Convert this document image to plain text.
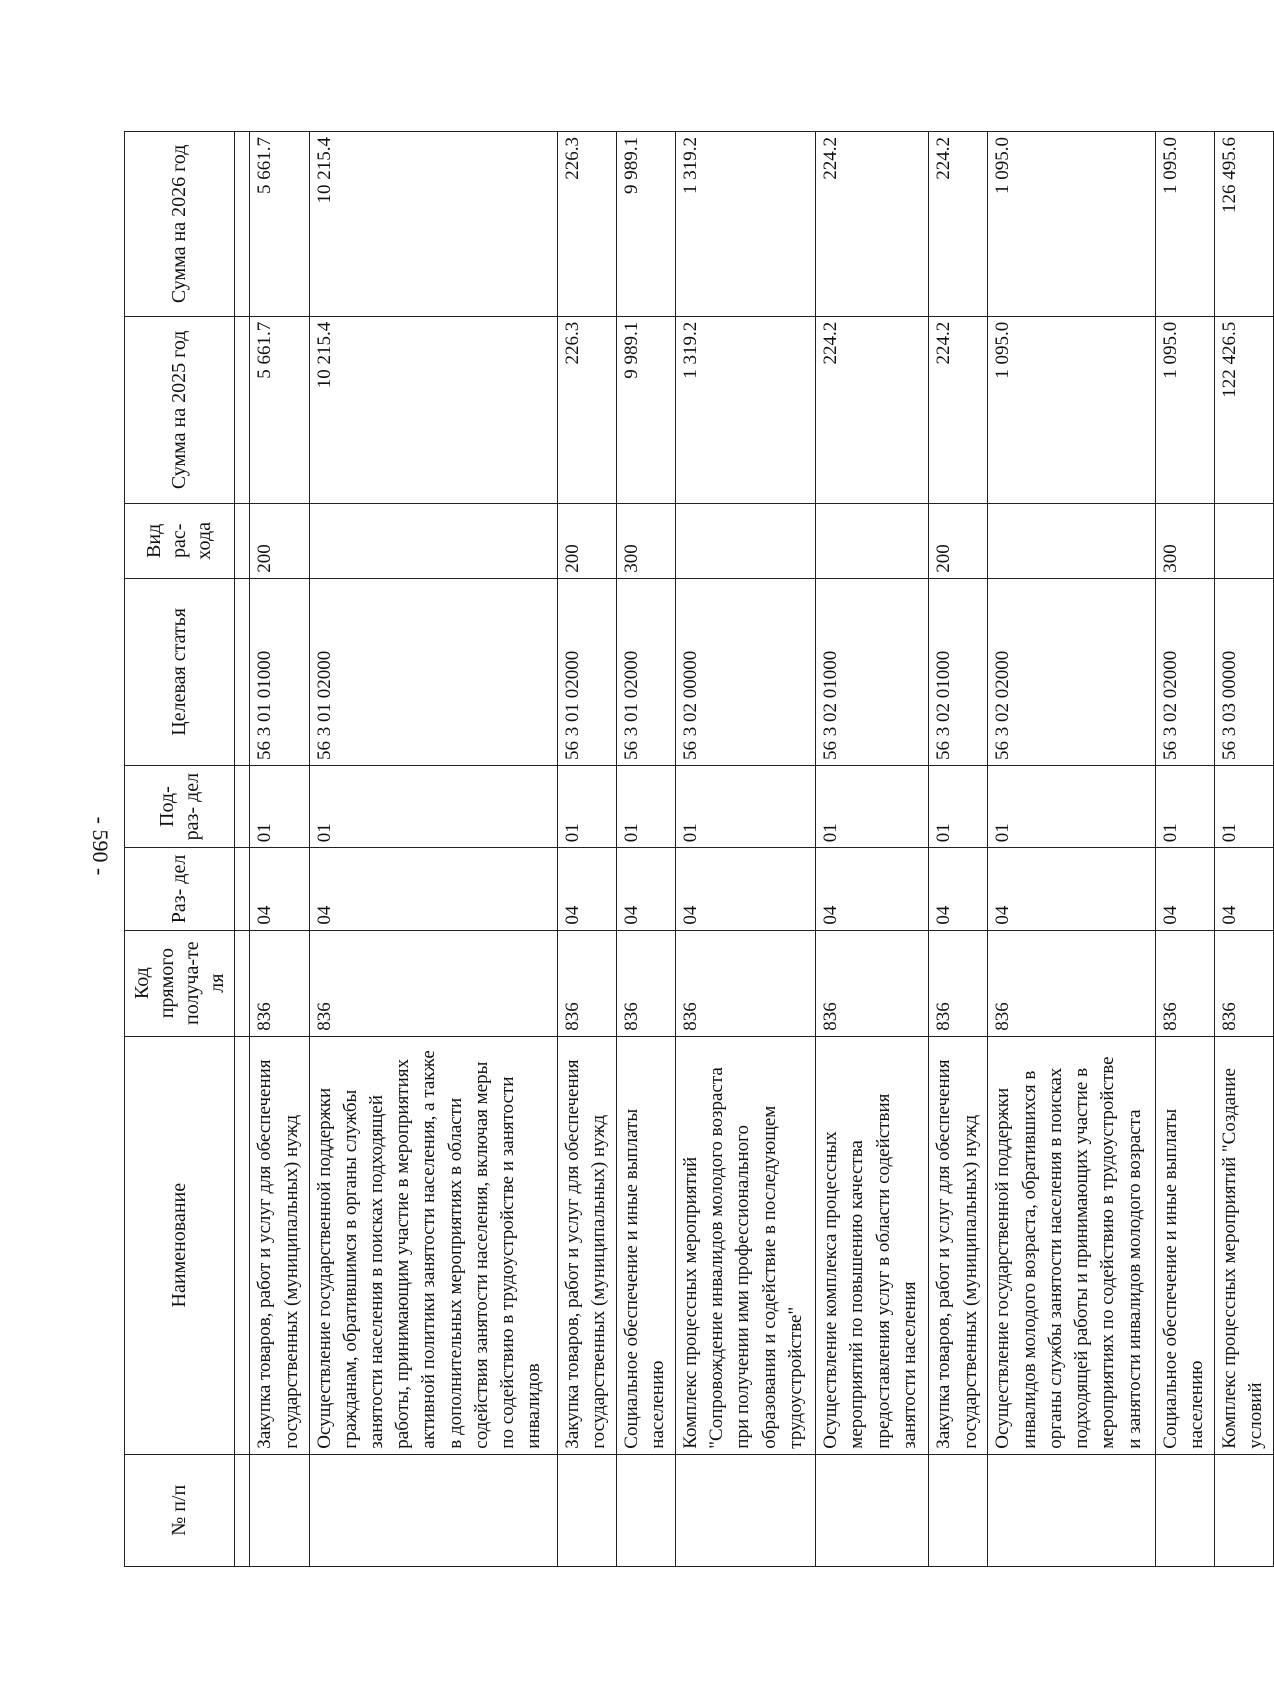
- 590 -
№ п/п	Наименование	Код прямого получа-те ля	Раз- дел	Под- раз- дел	Целевая статья	Вид рас- хода	Сумма на 2025 год	Сумма на 2026 год

	Закупка товаров, работ и услуг для обеспечения государственных (муниципальных) нужд	836	04	01	56 3 01 01000	200	5 661.7	5 661.7
	Осуществление государственной поддержки гражданам, обратившимся в органы службы занятости населения в поисках подходящей работы, принимающим участие в мероприятиях активной политики занятости населения, а также в дополнительных мероприятиях в области содействия занятости населения, включая меры по содействию в трудоустройстве и занятости инвалидов	836	04	01	56 3 01 02000		10 215.4	10 215.4
	Закупка товаров, работ и услуг для обеспечения государственных (муниципальных) нужд	836	04	01	56 3 01 02000	200	226.3	226.3
	Социальное обеспечение и иные выплаты населению	836	04	01	56 3 01 02000	300	9 989.1	9 989.1
	Комплекс процессных мероприятий "Сопровождение инвалидов молодого возраста при получении ими профессионального образования и содействие в последующем трудоустройстве"	836	04	01	56 3 02 00000		1 319.2	1 319.2
	Осуществление комплекса процессных мероприятий по повышению качества предоставления услуг в области содействия занятости населения	836	04	01	56 3 02 01000		224.2	224.2
	Закупка товаров, работ и услуг для обеспечения государственных (муниципальных) нужд	836	04	01	56 3 02 01000	200	224.2	224.2
	Осуществление государственной поддержки инвалидов молодого возраста, обратившихся в органы службы занятости населения в поисках подходящей работы и принимающих участие в мероприятиях по содействию в трудоустройстве и занятости инвалидов молодого возраста	836	04	01	56 3 02 02000		1 095.0	1 095.0
	Социальное обеспечение и иные выплаты населению	836	04	01	56 3 02 02000	300	1 095.0	1 095.0
	Комплекс процессных мероприятий "Создание условий	836	04	01	56 3 03 00000		122 426.5	126 495.6
